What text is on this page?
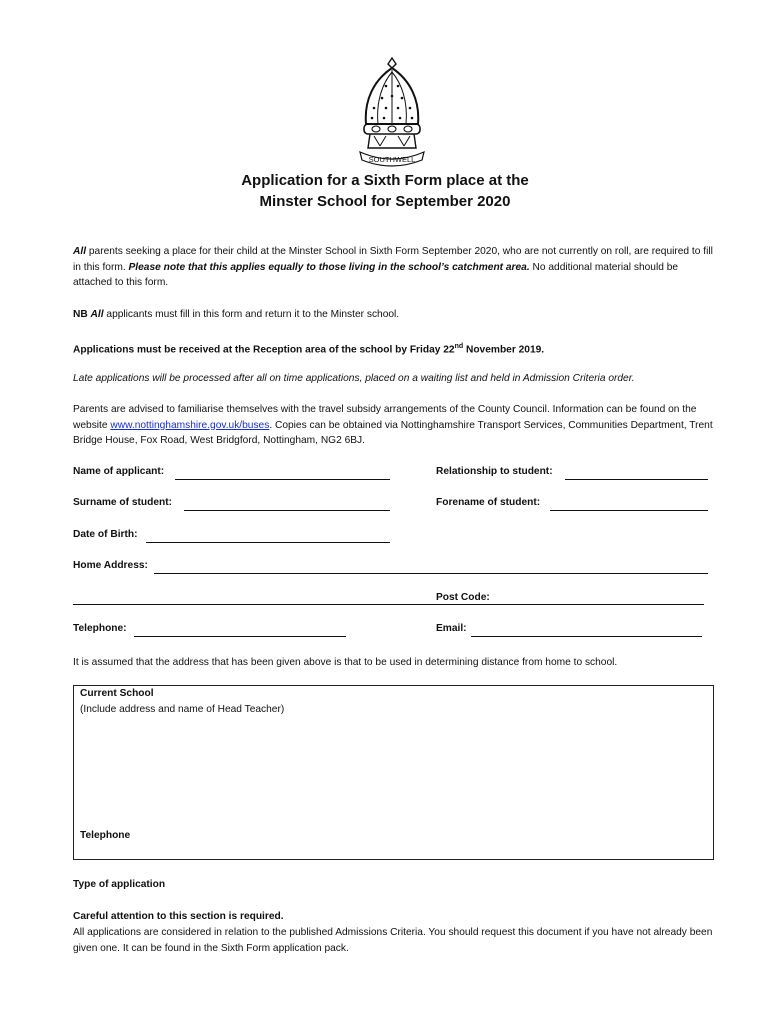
SOUTHWELL
Application for a Sixth Form place at the
Minster School for September 2020
All parents seeking a place for their child at the Minster School in Sixth Form September 2020, who are not currently on roll, are required to fill in this form. Please note that this applies equally to those living in the school’s catchment area. No additional material should be attached to this form.
NB All applicants must fill in this form and return it to the Minster school.
Applications must be received at the Reception area of the school by Friday 22nd November 2019.
Late applications will be processed after all on time applications, placed on a waiting list and held in Admission Criteria order.
Parents are advised to familiarise themselves with the travel subsidy arrangements of the County Council. Information can be found on the website www.nottinghamshire.gov.uk/buses. Copies can be obtained via Nottinghamshire Transport Services, Communities Department, Trent Bridge House, Fox Road, West Bridgford, Nottingham, NG2 6BJ.
Name of applicant:	Relationship to student:
Surname of student:	Forename of student:
Date of Birth:
Home Address:
Post Code:
Telephone:	Email:
It is assumed that the address that has been given above is that to be used in determining distance from home to school.
Current School
(Include address and name of Head Teacher)
Telephone
Type of application
Careful attention to this section is required.
All applications are considered in relation to the published Admissions Criteria. You should request this document if you have not already been given one. It can be found in the Sixth Form application pack.
